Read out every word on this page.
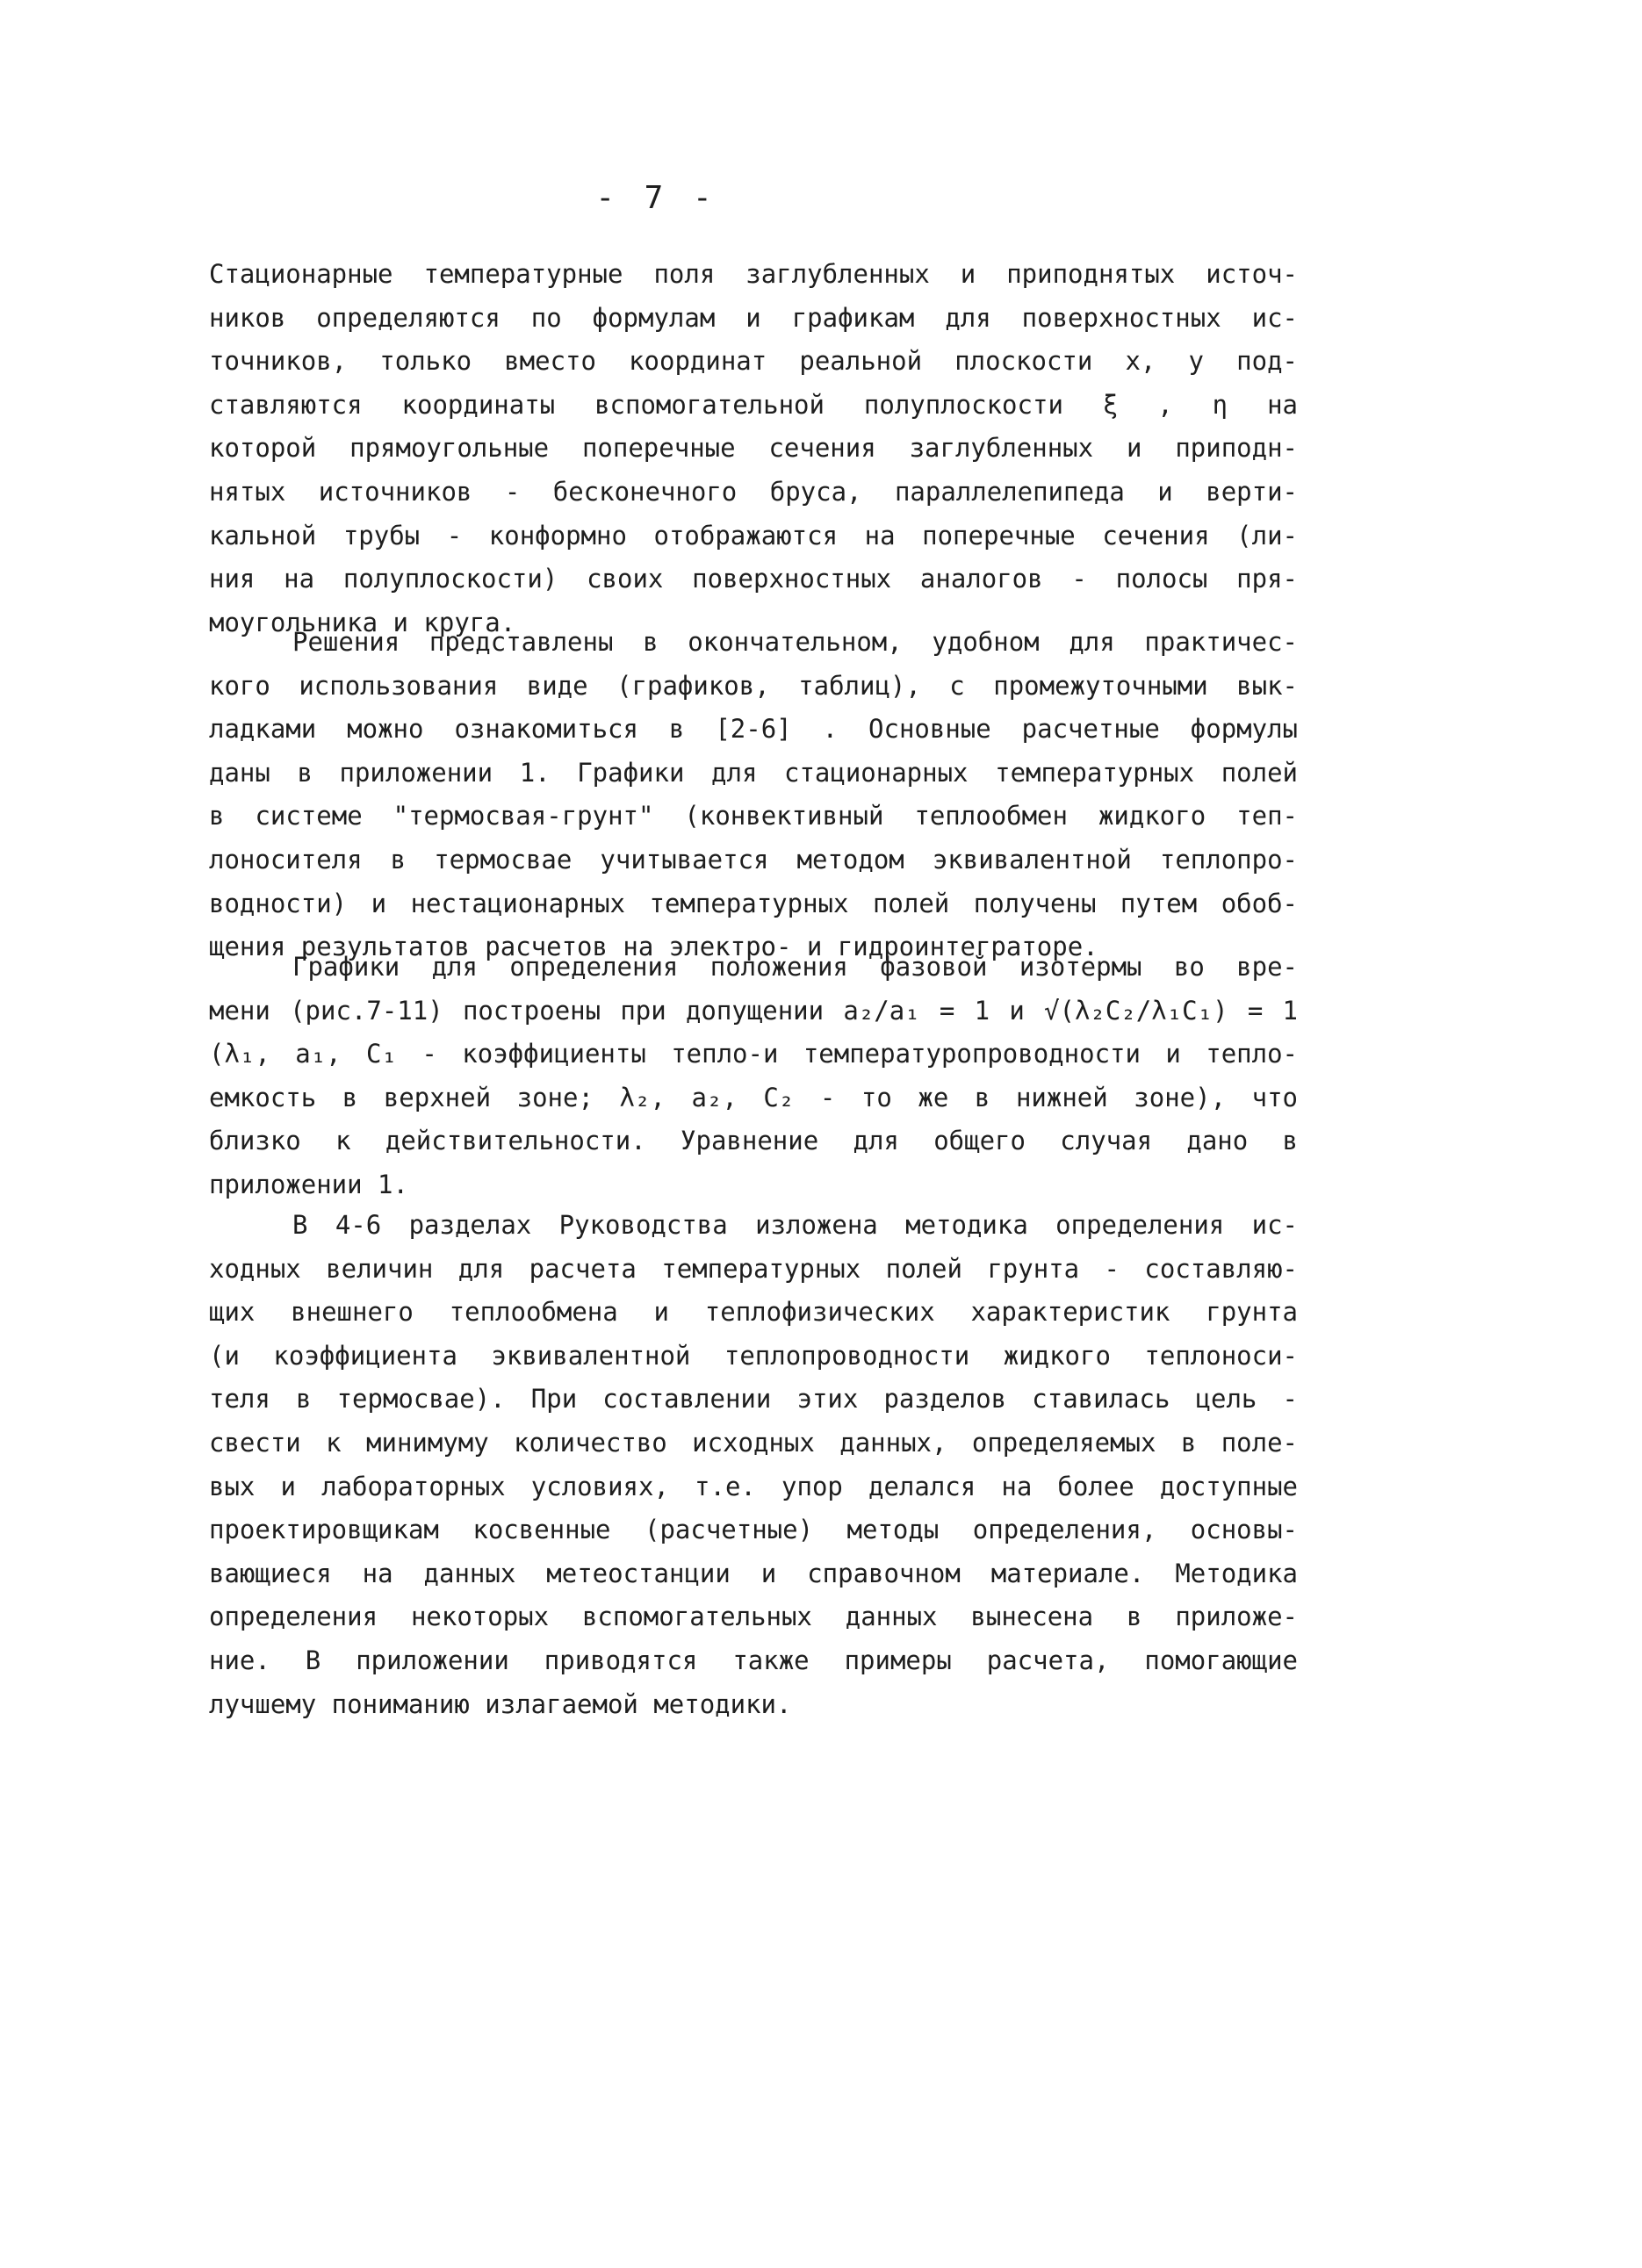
- 7 -
Стационарные температурные поля заглубленных и приподнятых источ-
ников определяются по формулам и графикам для поверхностных ис-
точников, только вместо координат реальной плоскости x, y под-
ставляются координаты вспомогательной полуплоскости ξ , η на
которой прямоугольные поперечные сечения заглубленных и приподн-
нятых источников - бесконечного бруса, параллелепипеда и верти-
кальной трубы - конформно отображаются на поперечные сечения (ли-
ния на полуплоскости) своих поверхностных аналогов - полосы пря-
моугольника и круга.
Решения представлены в окончательном, удобном для практичес-
кого использования виде (графиков, таблиц), с промежуточными вык-
ладками можно ознакомиться в [2-6] . Основные расчетные формулы
даны в приложении 1. Графики для стационарных температурных полей
в системе "термосвая-грунт" (конвективный теплообмен жидкого теп-
лоносителя в термосвае учитывается методом эквивалентной теплопро-
водности) и нестационарных температурных полей получены путем обоб-
щения результатов расчетов на электро- и гидроинтеграторе.
Графики для определения положения фазовой изотермы во вре-
мени (рис.7-11) построены при допущении a₂/a₁ = 1 и √(λ₂C₂/λ₁C₁) = 1
(λ₁, a₁, C₁ - коэффициенты тепло-и температуропроводности и тепло-
емкость в верхней зоне; λ₂, a₂, C₂ - то же в нижней зоне), что
близко к действительности. Уравнение для общего случая дано в
приложении 1.
В 4-6 разделах Руководства изложена методика определения ис-
ходных величин для расчета температурных полей грунта - составляю-
щих внешнего теплообмена и теплофизических характеристик грунта
(и коэффициента эквивалентной теплопроводности жидкого теплоноси-
теля в термосвае). При составлении этих разделов ставилась цель -
свести к минимуму количество исходных данных, определяемых в поле-
вых и лабораторных условиях, т.е. упор делался на более доступные
проектировщикам косвенные (расчетные) методы определения, основы-
вающиеся на данных метеостанции и справочном материале. Методика
определения некоторых вспомогательных данных вынесена в приложе-
ние. В приложении приводятся также примеры расчета, помогающие
лучшему пониманию излагаемой методики.
